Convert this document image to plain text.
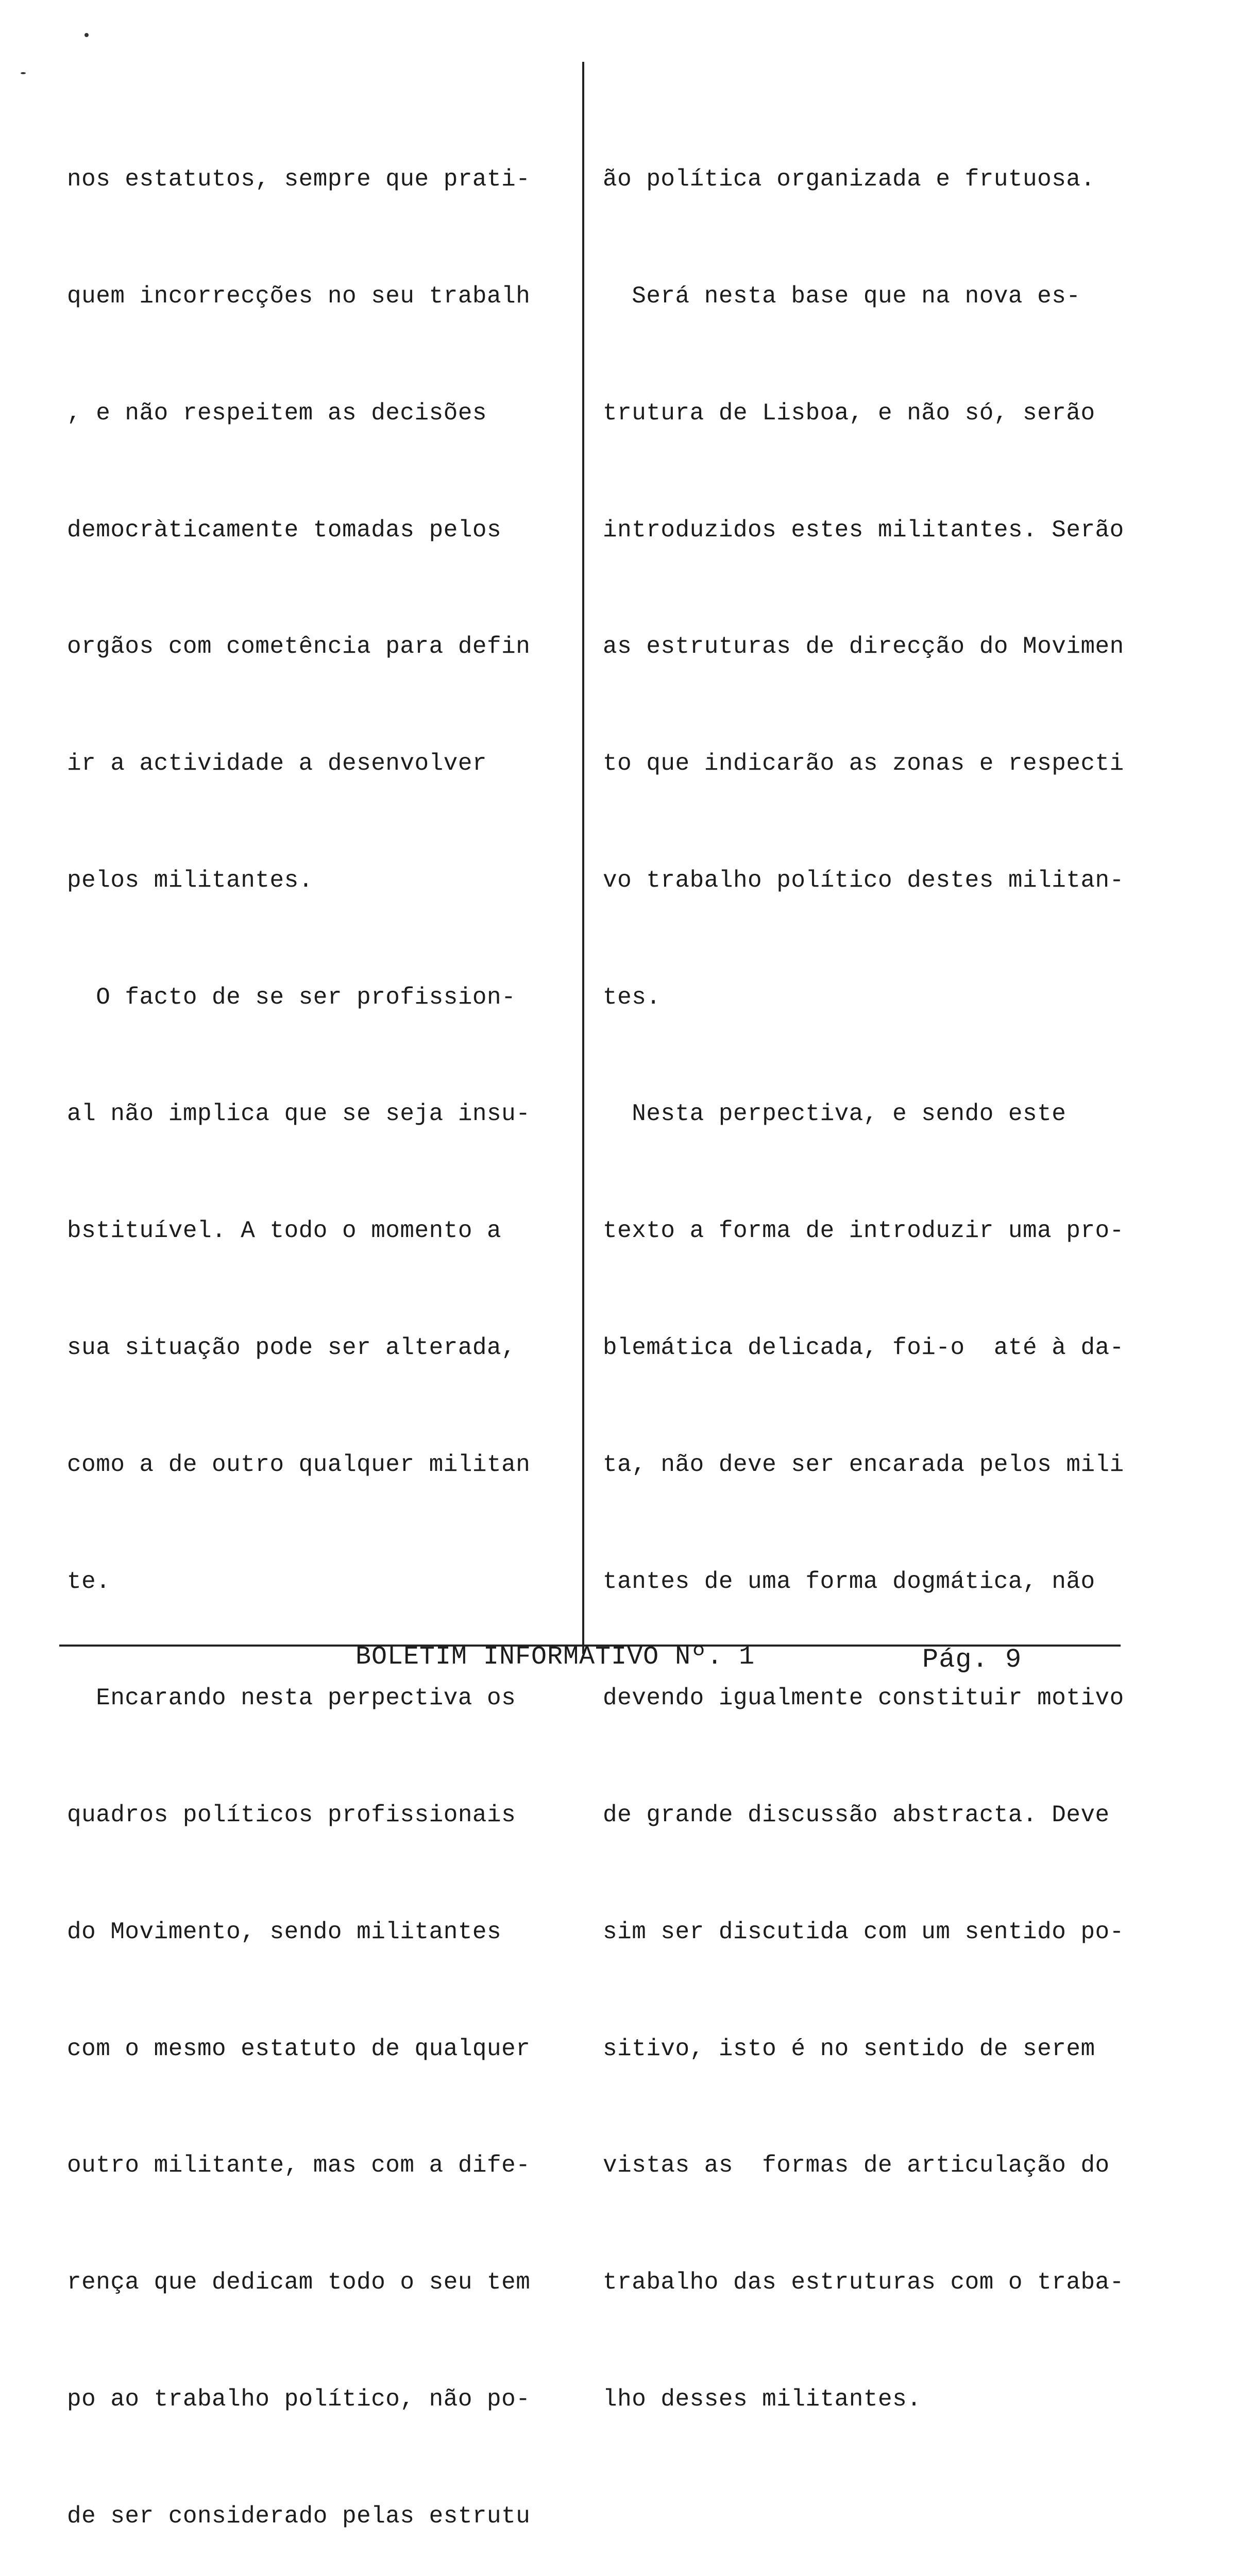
nos estatutos, sempre que prati-

quem incorrecções no seu trabalh

, e não respeitem as decisões

democràticamente tomadas pelos

orgãos com cometência para defin

ir a actividade a desenvolver

pelos militantes.

O facto de se ser profission-

al não implica que se seja insu-

bstituível. A todo o momento a

sua situação pode ser alterada,

como a de outro qualquer militan

te.

Encarando nesta perpectiva os

quadros políticos profissionais

do Movimento, sendo militantes

com o mesmo estatuto de qualquer

outro militante, mas com a dife-

rença que dedicam todo o seu tem

po ao trabalho político, não po-

de ser considerado pelas estrutu

ão política organizada e frutuosa.

Será nesta base que na nova es-

trutura de Lisboa, e não só, serão

introduzidos estes militantes. Serão

as estruturas de direcção do Movimen

to que indicarão as zonas e respecti

vo trabalho político destes militan-

tes.

Nesta perpectiva, e sendo este

texto a forma de introduzir uma pro-

blemática delicada, foi-o  até à da-

ta, não deve ser encarada pelos mili

tantes de uma forma dogmática, não

devendo igualmente constituir motivo

de grande discussão abstracta. Deve

sim ser discutida com um sentido po-

sitivo, isto é no sentido de serem

vistas as  formas de articulação do

trabalho das estruturas com o traba-

lho desses militantes.

BOLETIM INFORMATIVO Nº. 1	Pág. 9
